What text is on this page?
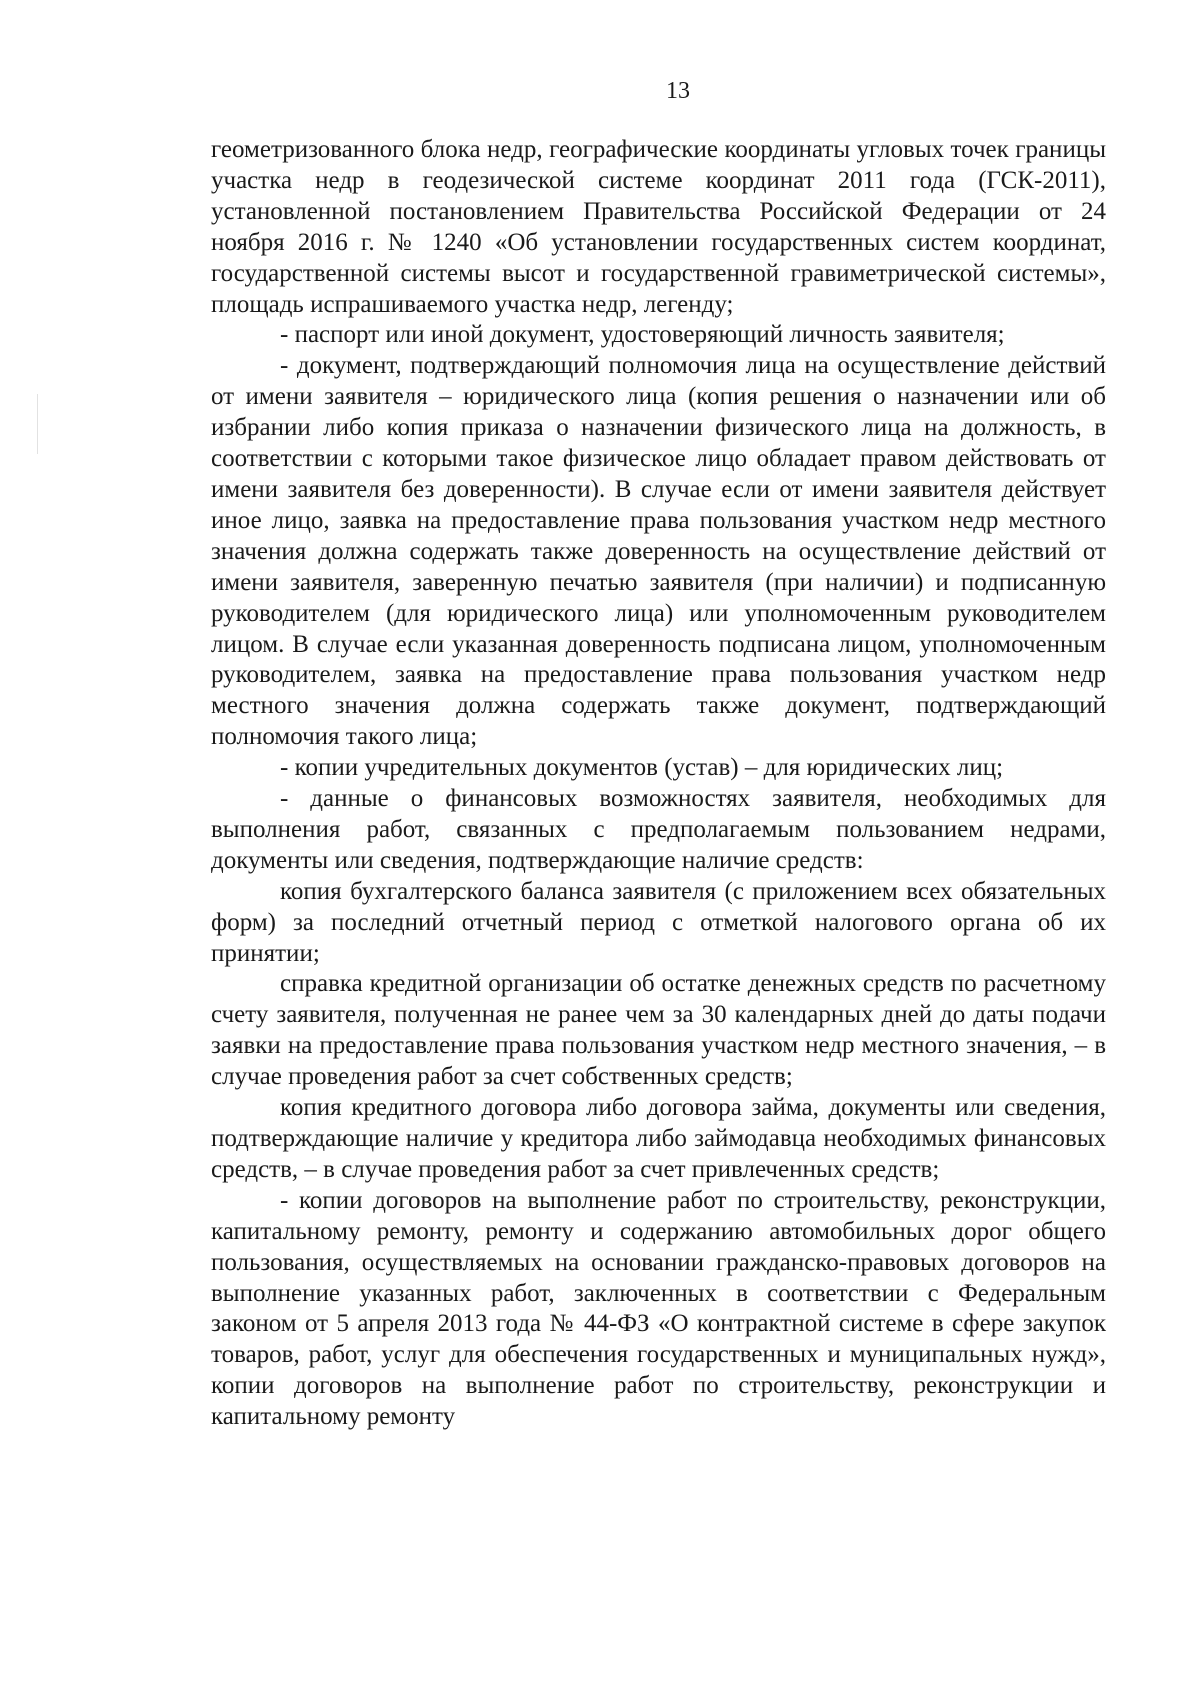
13

геометризованного блока недр, географические координаты угловых точек границы участка недр в геодезической системе координат 2011 года (ГСК-2011), установленной постановлением Правительства Российской Федерации от 24 ноября 2016 г. № 1240 «Об установлении государственных систем координат, государственной системы высот и государственной гравиметрической системы», площадь испрашиваемого участка недр, легенду;

- паспорт или иной документ, удостоверяющий личность заявителя;

- документ, подтверждающий полномочия лица на осуществление действий от имени заявителя – юридического лица (копия решения о назначении или об избрании либо копия приказа о назначении физического лица на должность, в соответствии с которыми такое физическое лицо обладает правом действовать от имени заявителя без доверенности). В случае если от имени заявителя действует иное лицо, заявка на предоставление права пользования участком недр местного значения должна содержать также доверенность на осуществление действий от имени заявителя, заверенную печатью заявителя (при наличии) и подписанную руководителем (для юридического лица) или уполномоченным руководителем лицом. В случае если указанная доверенность подписана лицом, уполномоченным руководителем, заявка на предоставление права пользования участком недр местного значения должна содержать также документ, подтверждающий полномочия такого лица;

- копии учредительных документов (устав) – для юридических лиц;

- данные о финансовых возможностях заявителя, необходимых для выполнения работ, связанных с предполагаемым пользованием недрами, документы или сведения, подтверждающие наличие средств:

копия бухгалтерского баланса заявителя (с приложением всех обязательных форм) за последний отчетный период с отметкой налогового органа об их принятии;

справка кредитной организации об остатке денежных средств по расчетному счету заявителя, полученная не ранее чем за 30 календарных дней до даты подачи заявки на предоставление права пользования участком недр местного значения, – в случае проведения работ за счет собственных средств;

копия кредитного договора либо договора займа, документы или сведения, подтверждающие наличие у кредитора либо займодавца необходимых финансовых средств, – в случае проведения работ за счет привлеченных средств;

- копии договоров на выполнение работ по строительству, реконструкции, капитальному ремонту, ремонту и содержанию автомобильных дорог общего пользования, осуществляемых на основании гражданско-правовых договоров на выполнение указанных работ, заключенных в соответствии с Федеральным законом от 5 апреля 2013 года № 44-ФЗ «О контрактной системе в сфере закупок товаров, работ, услуг для обеспечения государственных и муниципальных нужд», копии договоров на выполнение работ по строительству, реконструкции и капитальному ремонту
